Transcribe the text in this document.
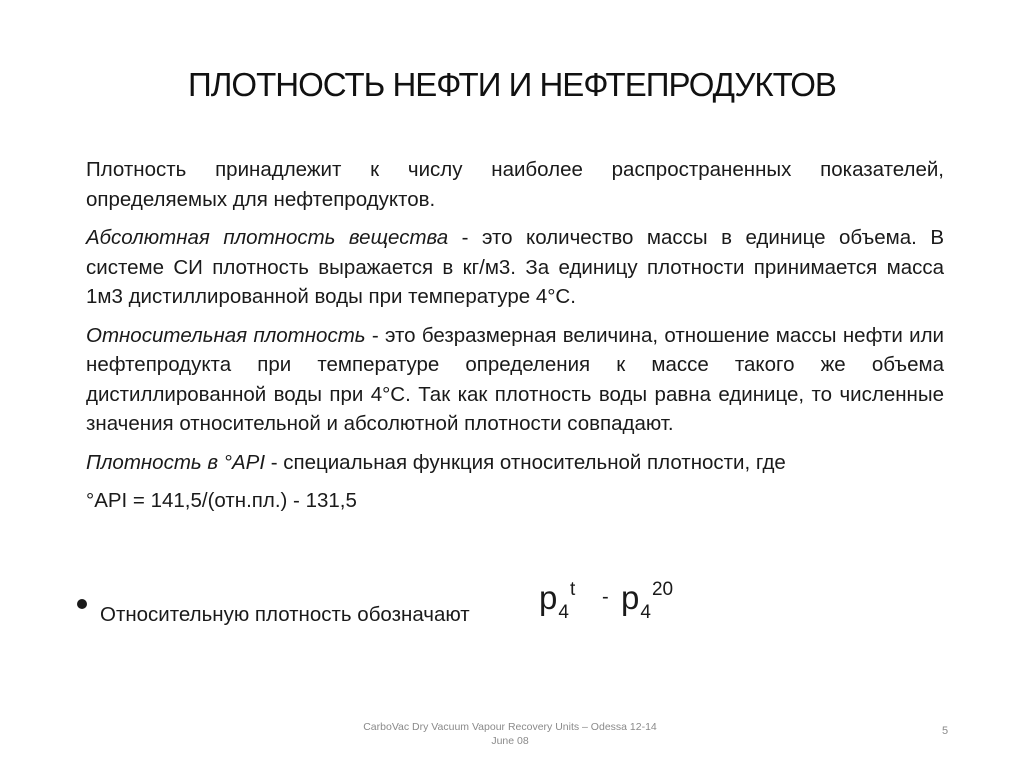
ПЛОТНОСТЬ НЕФТИ И НЕФТЕПРОДУКТОВ

Плотность принадлежит к числу наиболее распространенных показателей, определяемых для нефтепродуктов.

Абсолютная плотность вещества - это количество массы в единице объема. В системе СИ плотность выражается в кг/м3. За единицу плотности принимается масса 1м3 дистиллированной воды при температуре 4°С.

Относительная плотность - это безразмерная величина, отношение массы нефти или нефтепродукта при температуре определения к массе такого же объема дистиллированной воды при 4°С. Так как плотность воды равна единице, то численные значения относительной и абсолютной плотности совпадают.

Плотность в °API - специальная функция относительной плотности, где

°API = 141,5/(отн.пл.) - 131,5

Относительную плотность обозначают $р_4^t - р_4^{20}$
CarboVac Dry Vacuum Vapour Recovery Units – Odessa 12-14
June 08
5
